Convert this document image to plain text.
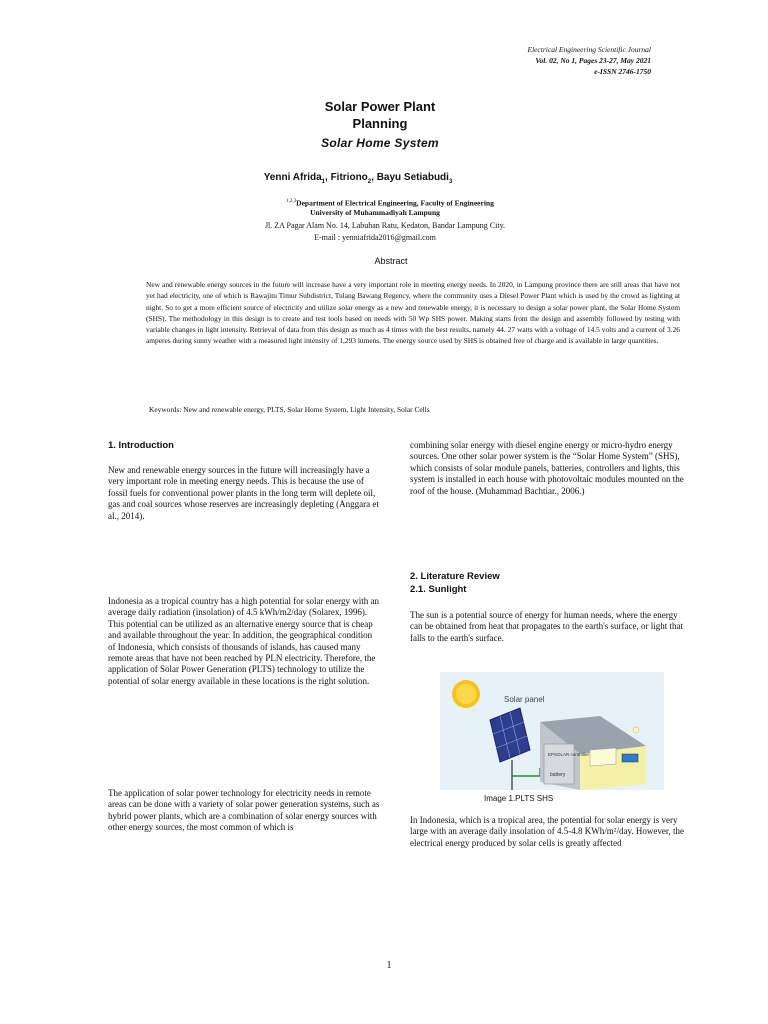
Electrical Engineering Scientific Journal
Vol. 02, No 1, Pages 23-27, May 2021
e-ISSN 2746-1750
Solar Power Plant
Planning
Solar Home System
Yenni Afrida$_1$, Fitriono$_2$, Bayu Setiabudi$_3$
$^{1,2,3}$Department of Electrical Engineering, Faculty of Engineering
University of Muhammadiyah Lampung
Jl. ZA Pagar Alam No. 14, Labuhan Ratu, Kedaton, Bandar Lampung City.
E-mail : yenniafrida2016@gmail.com
Abstract
New and renewable energy sources in the future will increase have a very important role in meeting energy needs. In 2020, in Lampung province there are still areas that have not yet had electricity, one of which is Rawajitu Timur Subdistrict, Tulang Bawang Regency, where the community uses a Diesel Power Plant which is used by the crowd as lighting at night. So to get a more efficient source of electricity and utilize solar energy as a new and renewable energy, it is necessary to design a solar power plant, the Solar Home System (SHS). The methodology in this design is to create and test tools based on needs with 50 Wp SHS power. Making starts from the design and assembly followed by testing with variable changes in light intensity. Retrieval of data from this design as much as 4 times with the best results, namely 44. 27 watts with a voltage of 14.5 volts and a current of 3.26 amperes during sunny weather with a measured light intensity of 1,293 lumens. The energy source used by SHS is obtained free of charge and is available in large quantities.
Keywords: New and renewable energy, PLTS, Solar Home System, Light Intensity, Solar Cells
1. Introduction
New and renewable energy sources in the future will increasingly have a very important role in meeting energy needs. This is because the use of fossil fuels for conventional power plants in the long term will deplete oil, gas and coal sources whose reserves are increasingly depleting (Anggara et al., 2014).
Indonesia as a tropical country has a high potential for solar energy with an average daily radiation (insolation) of 4.5 kWh/m2/day (Solarex, 1996). This potential can be utilized as an alternative energy source that is cheap and available throughout the year. In addition, the geographical condition of Indonesia, which consists of thousands of islands, has caused many remote areas that have not been reached by PLN electricity. Therefore, the application of Solar Power Generation (PLTS) technology to utilize the potential of solar energy available in these locations is the right solution.
The application of solar power technology for electricity needs in remote areas can be done with a variety of solar power generation systems, such as hybrid power plants, which are a combination of solar energy sources with other energy sources, the most common of which is
combining solar energy with diesel engine energy or micro-hydro energy sources. One other solar power system is the “Solar Home System” (SHS), which consists of solar module panels, batteries, controllers and lights, this system is installed in each house with photovoltaic modules mounted on the roof of the house. (Muhammad Bachtiar., 2006.)
2. Literature Review
2.1. Sunlight
The sun is a potential source of energy for human needs, where the energy can be obtained from heat that propagates to the earth's surface, or light that falls to the earth's surface.
Solar panel
EPSOLAR controller
battery
Image 1.PLTS SHS
In Indonesia, which is a tropical area, the potential for solar energy is very large with an average daily insolation of 4.5-4.8 KWh/m²/day. However, the electrical energy produced by solar cells is greatly affected
1
